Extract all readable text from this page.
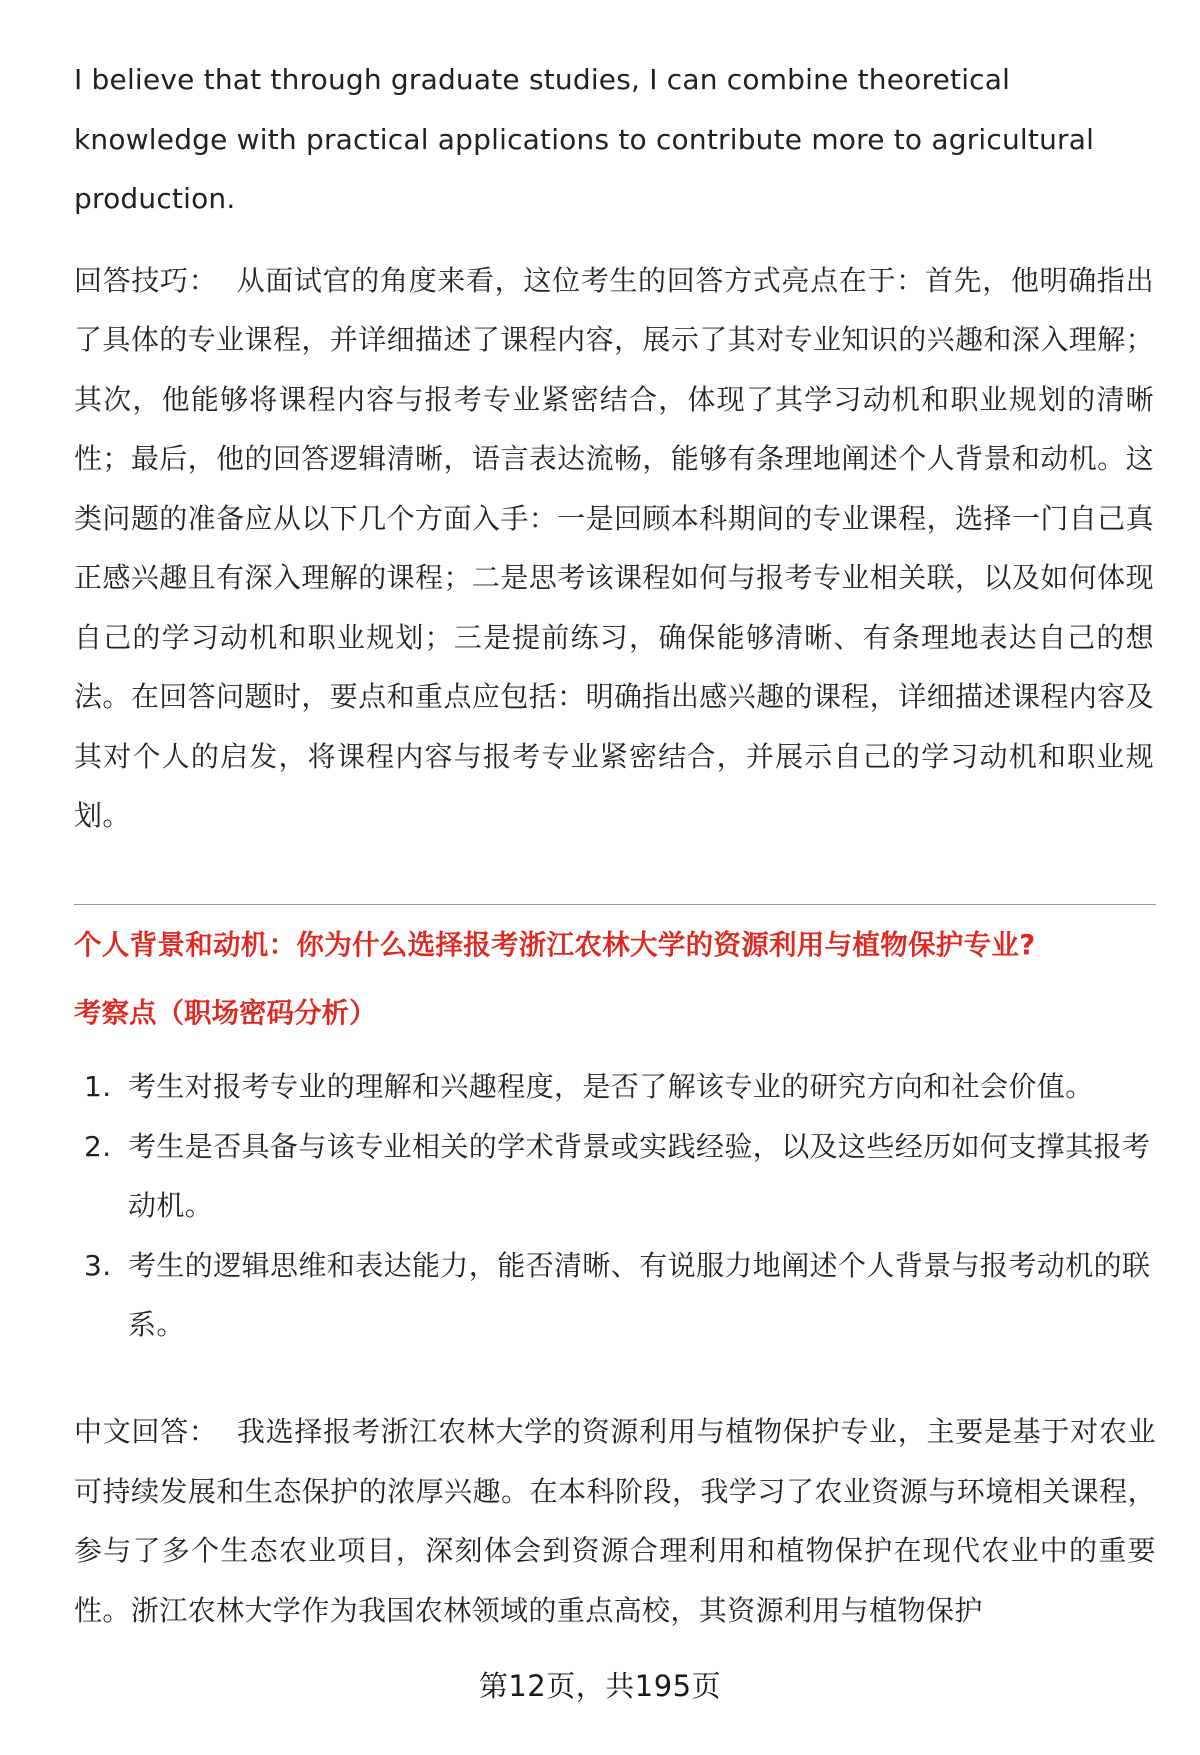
I believe that through graduate studies, I can combine theoretical knowledge with practical applications to contribute more to agricultural production.

回答技巧： 从面试官的角度来看，这位考生的回答方式亮点在于：首先，他明确指出了具体的专业课程，并详细描述了课程内容，展示了其对专业知识的兴趣和深入理解；其次，他能够将课程内容与报考专业紧密结合，体现了其学习动机和职业规划的清晰性；最后，他的回答逻辑清晰，语言表达流畅，能够有条理地阐述个人背景和动机。这类问题的准备应从以下几个方面入手：一是回顾本科期间的专业课程，选择一门自己真正感兴趣且有深入理解的课程；二是思考该课程如何与报考专业相关联，以及如何体现自己的学习动机和职业规划；三是提前练习，确保能够清晰、有条理地表达自己的想法。在回答问题时，要点和重点应包括：明确指出感兴趣的课程，详细描述课程内容及其对个人的启发，将课程内容与报考专业紧密结合，并展示自己的学习动机和职业规划。

个人背景和动机：你为什么选择报考浙江农林大学的资源利用与植物保护专业?

考察点（职场密码分析）

1. 考生对报考专业的理解和兴趣程度，是否了解该专业的研究方向和社会价值。
2. 考生是否具备与该专业相关的学术背景或实践经验，以及这些经历如何支撑其报考动机。
3. 考生的逻辑思维和表达能力，能否清晰、有说服力地阐述个人背景与报考动机的联系。

中文回答： 我选择报考浙江农林大学的资源利用与植物保护专业，主要是基于对农业可持续发展和生态保护的浓厚兴趣。在本科阶段，我学习了农业资源与环境相关课程，参与了多个生态农业项目，深刻体会到资源合理利用和植物保护在现代农业中的重要性。浙江农林大学作为我国农林领域的重点高校，其资源利用与植物保护

第12页，共195页
